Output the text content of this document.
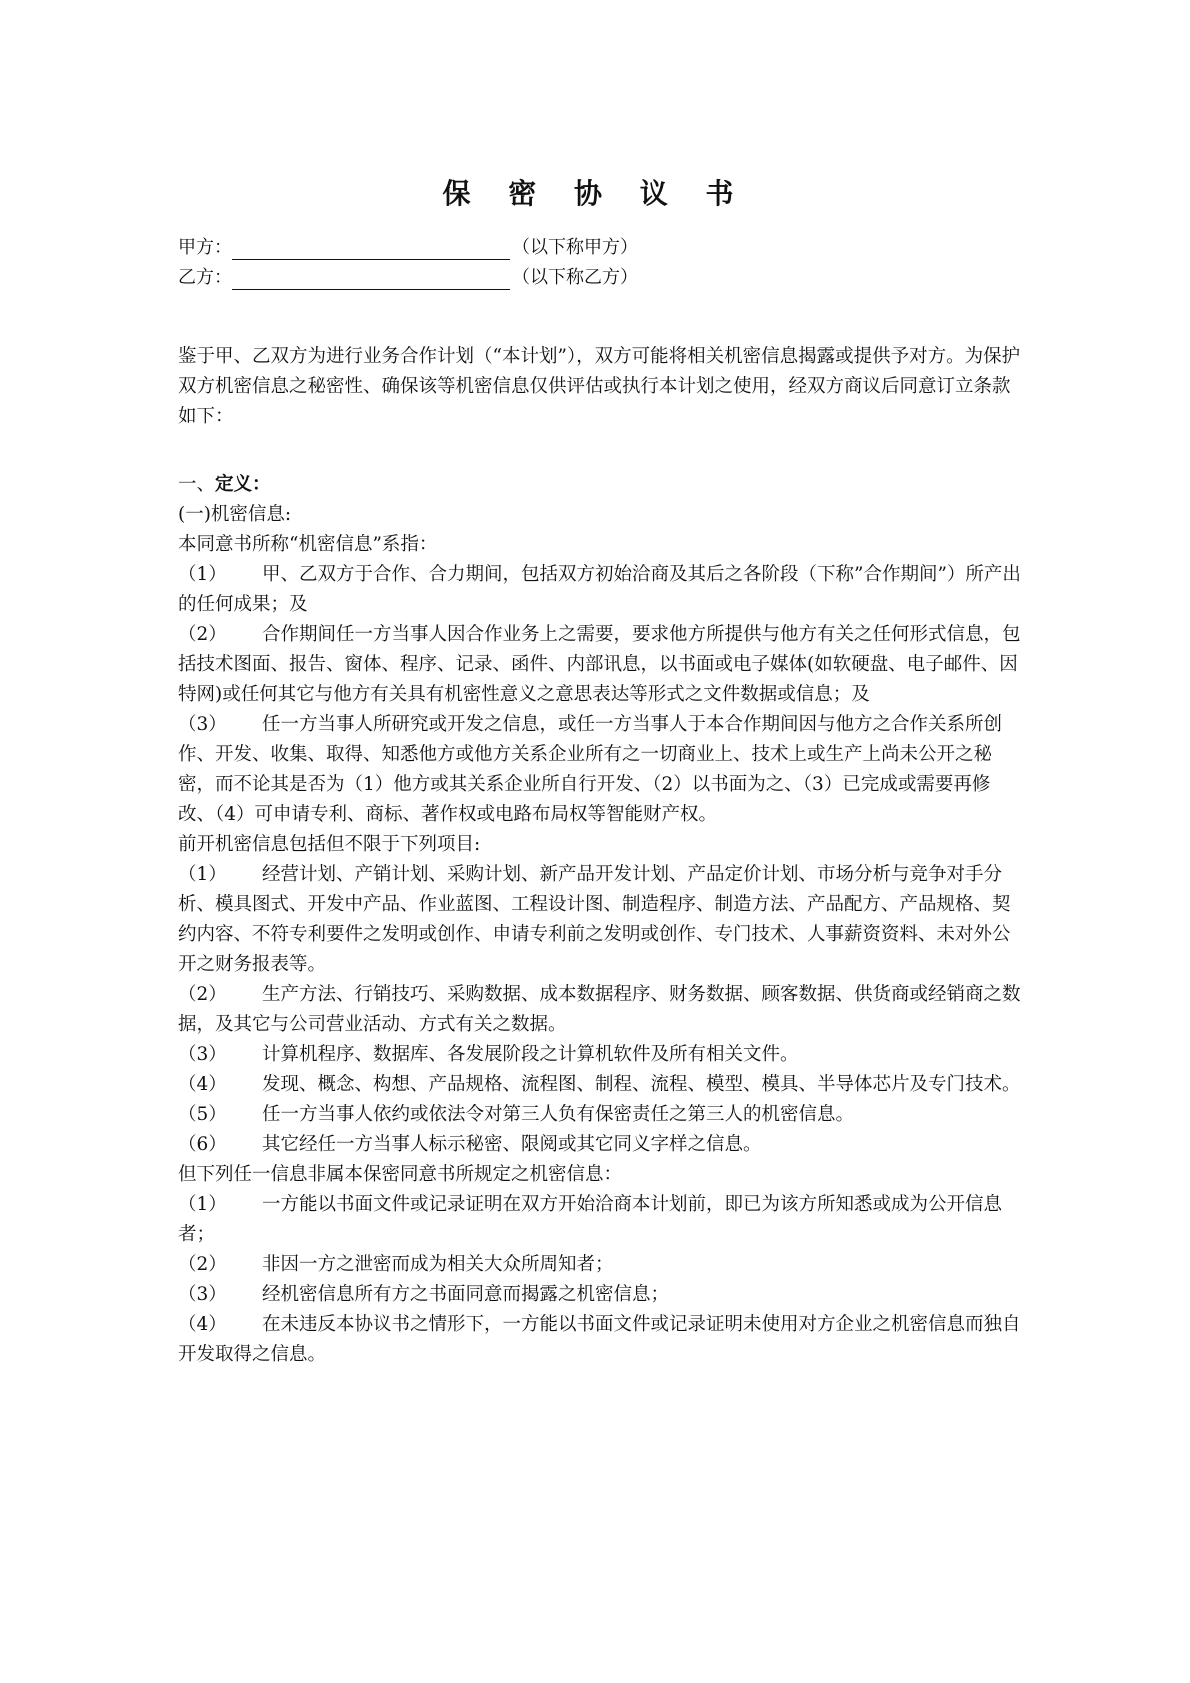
保 密 协 议 书
甲方：	（以下称甲方）
乙方：	（以下称乙方）

鉴于甲、乙双方为进行业务合作计划（“本计划”），双方可能将相关机密信息揭露或提供予对方。为保护双方机密信息之秘密性、确保该等机密信息仅供评估或执行本计划之使用，经双方商议后同意订立条款如下：

一、定义：

(一)机密信息:

本同意书所称“机密信息”系指：

（1） 甲、乙双方于合作、合力期间，包括双方初始洽商及其后之各阶段（下称”合作期间”）所产出的任何成果；及

（2） 合作期间任一方当事人因合作业务上之需要，要求他方所提供与他方有关之任何形式信息，包括技术图面、报告、窗体、程序、记录、函件、内部讯息，以书面或电子媒体(如软硬盘、电子邮件、因特网)或任何其它与他方有关具有机密性意义之意思表达等形式之文件数据或信息；及

（3） 任一方当事人所研究或开发之信息，或任一方当事人于本合作期间因与他方之合作关系所创作、开发、收集、取得、知悉他方或他方关系企业所有之一切商业上、技术上或生产上尚未公开之秘密，而不论其是否为（1）他方或其关系企业所自行开发、（2）以书面为之、（3）已完成或需要再修改、（4）可申请专利、商标、著作权或电路布局权等智能财产权。

前开机密信息包括但不限于下列项目:

（1） 经营计划、产销计划、采购计划、新产品开发计划、产品定价计划、市场分析与竞争对手分析、模具图式、开发中产品、作业蓝图、工程设计图、制造程序、制造方法、产品配方、产品规格、契约内容、不符专利要件之发明或创作、申请专利前之发明或创作、专门技术、人事薪资资料、未对外公开之财务报表等。

（2） 生产方法、行销技巧、采购数据、成本数据程序、财务数据、顾客数据、供货商或经销商之数据，及其它与公司营业活动、方式有关之数据。

（3） 计算机程序、数据库、各发展阶段之计算机软件及所有相关文件。

（4） 发现、概念、构想、产品规格、流程图、制程、流程、模型、模具、半导体芯片及专门技术。

（5） 任一方当事人依约或依法令对第三人负有保密责任之第三人的机密信息。

（6） 其它经任一方当事人标示秘密、限阅或其它同义字样之信息。

但下列任一信息非属本保密同意书所规定之机密信息：

（1） 一方能以书面文件或记录证明在双方开始洽商本计划前，即已为该方所知悉或成为公开信息者；

（2） 非因一方之泄密而成为相关大众所周知者；

（3） 经机密信息所有方之书面同意而揭露之机密信息；

（4） 在未违反本协议书之情形下，一方能以书面文件或记录证明未使用对方企业之机密信息而独自开发取得之信息。
